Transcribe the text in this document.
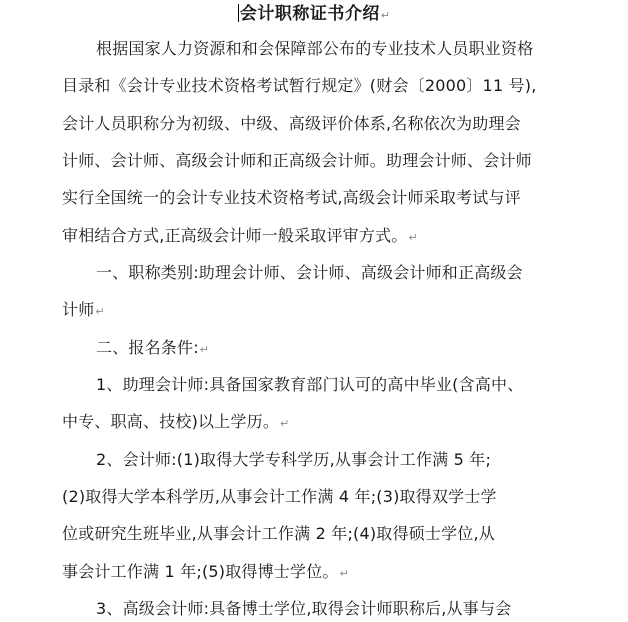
会计职称证书介绍↵
根据国家人力资源和和会保障部公布的专业技术人员职业资格
目录和《会计专业技术资格考试暂行规定》(财会〔2000〕11 号),
会计人员职称分为初级、中级、高级评价体系,名称依次为助理会
计师、会计师、高级会计师和正高级会计师。助理会计师、会计师
实行全国统一的会计专业技术资格考试,高级会计师采取考试与评
审相结合方式,正高级会计师一般采取评审方式。↵
一、职称类别:助理会计师、会计师、高级会计师和正高级会
计师↵
二、报名条件:↵
1、助理会计师:具备国家教育部门认可的高中毕业(含高中、
中专、职高、技校)以上学历。↵
2、会计师:(1)取得大学专科学历,从事会计工作满 5 年;
(2)取得大学本科学历,从事会计工作满 4 年;(3)取得双学士学
位或研究生班毕业,从事会计工作满 2 年;(4)取得硕士学位,从
事会计工作满 1 年;(5)取得博士学位。↵
3、高级会计师:具备博士学位,取得会计师职称后,从事与会
